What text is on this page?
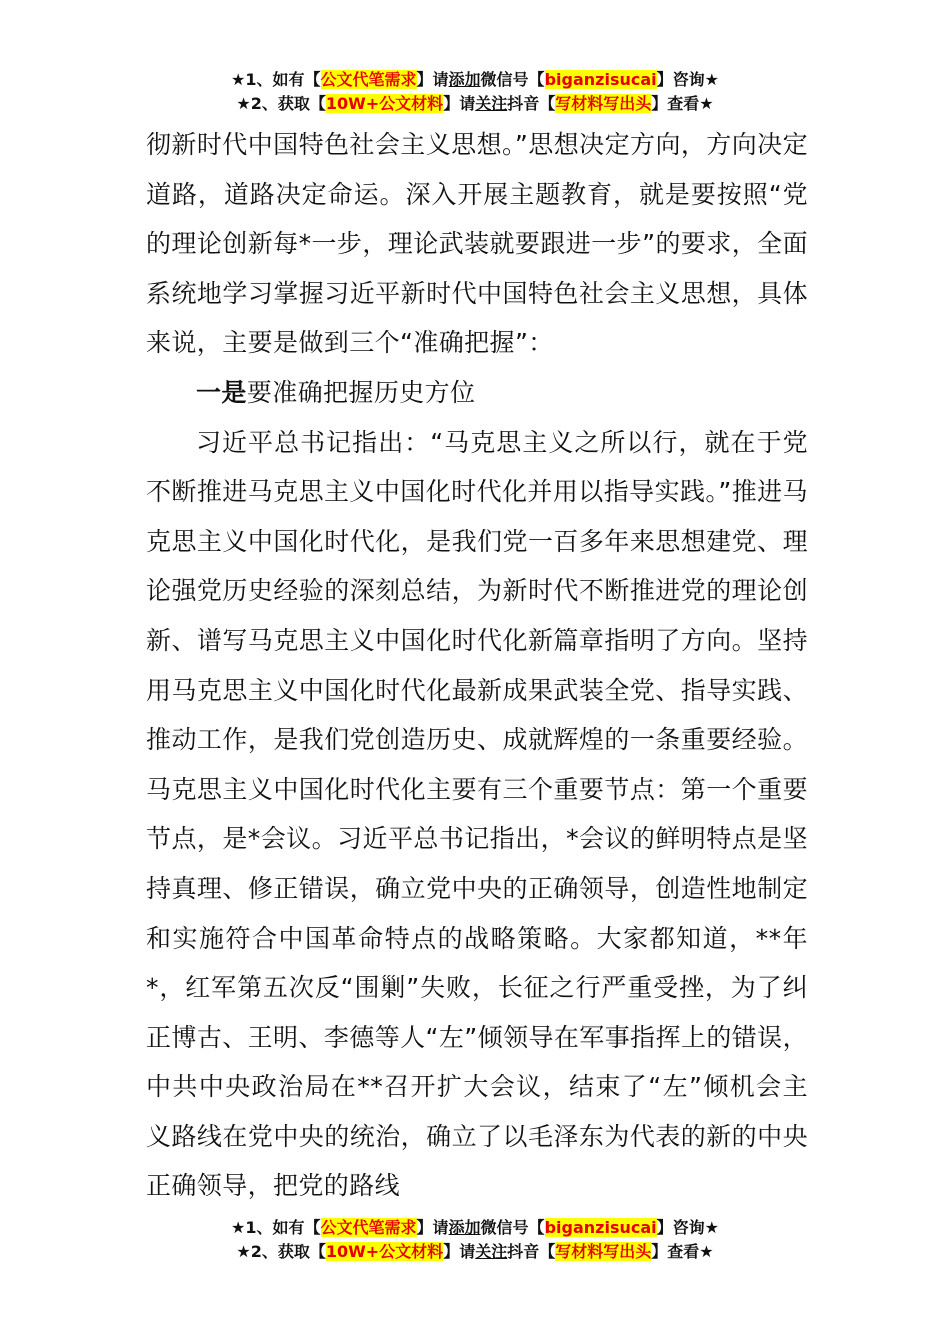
★1、如有【公文代笔需求】请添加微信号【biganzisucai】咨询★
★2、获取【10W+公文材料】请关注抖音【写材料写出头】查看★

彻新时代中国特色社会主义思想。”思想决定方向，方向决定道路，道路决定命运。深入开展主题教育，就是要按照“党的理论创新每*一步，理论武装就要跟进一步”的要求，全面系统地学习掌握习近平新时代中国特色社会主义思想，具体来说，主要是做到三个“准确把握”：

一是要准确把握历史方位

习近平总书记指出：“马克思主义之所以行，就在于党不断推进马克思主义中国化时代化并用以指导实践。”推进马克思主义中国化时代化，是我们党一百多年来思想建党、理论强党历史经验的深刻总结，为新时代不断推进党的理论创新、谱写马克思主义中国化时代化新篇章指明了方向。坚持用马克思主义中国化时代化最新成果武装全党、指导实践、推动工作，是我们党创造历史、成就辉煌的一条重要经验。马克思主义中国化时代化主要有三个重要节点：第一个重要节点，是*会议。习近平总书记指出，*会议的鲜明特点是坚持真理、修正错误，确立党中央的正确领导，创造性地制定和实施符合中国革命特点的战略策略。大家都知道，**年*，红军第五次反“围剿”失败，长征之行严重受挫，为了纠正博古、王明、李德等人“左”倾领导在军事指挥上的错误，中共中央政治局在**召开扩大会议，结束了“左”倾机会主义路线在党中央的统治，确立了以毛泽东为代表的新的中央正确领导，把党的路线

★1、如有【公文代笔需求】请添加微信号【biganzisucai】咨询★
★2、获取【10W+公文材料】请关注抖音【写材料写出头】查看★
